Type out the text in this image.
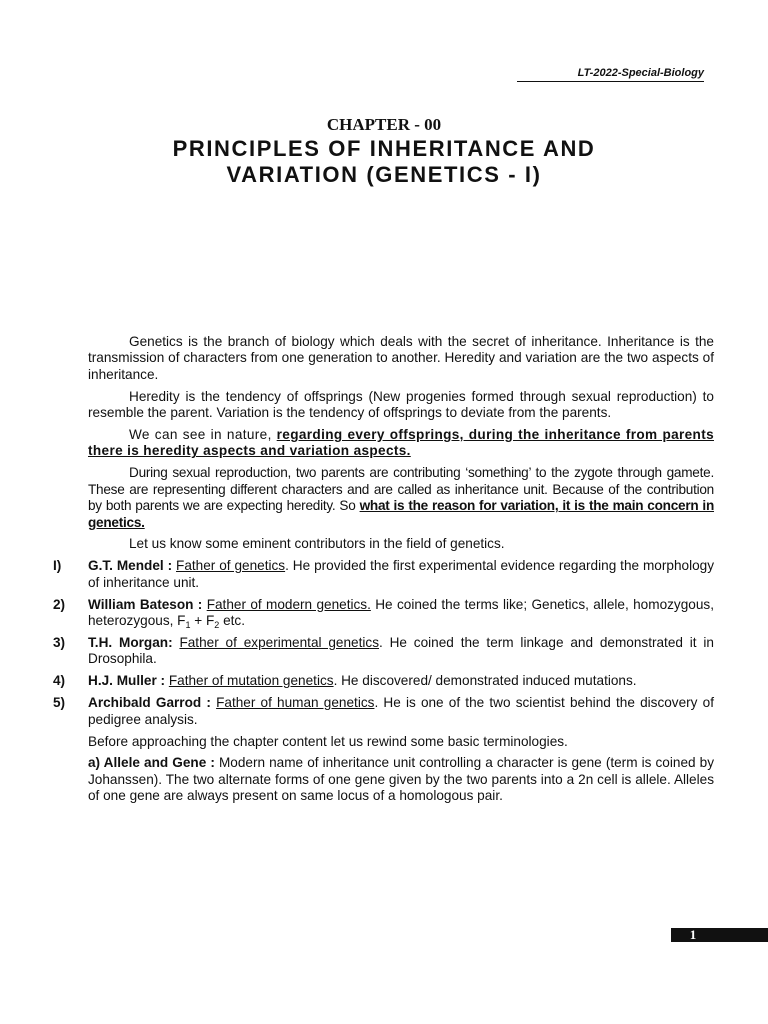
LT-2022-Special-Biology
CHAPTER - 00
PRINCIPLES OF INHERITANCE AND
VARIATION (GENETICS - I)

Genetics is the branch of biology which deals with the secret of inheritance. Inheritance is the transmission of characters from one generation to another. Heredity and variation are the two aspects of inheritance.

Heredity is the tendency of offsprings (New progenies formed through sexual reproduction) to resemble the parent. Variation is the tendency of offsprings to deviate from the parents.

We can see in nature, regarding every offsprings, during the inheritance from parents there is heredity aspects and variation aspects.

During sexual reproduction, two parents are contributing ‘something’ to the zygote through gamete. These are representing different characters and are called as inheritance unit. Because of the contribution by both parents we are expecting heredity. So what is the reason for variation, it is the main concern in genetics.

Let us know some eminent contributors in the field of genetics.

I) G.T. Mendel : Father of genetics. He provided the first experimental evidence regarding the morphology of inheritance unit.
2) William Bateson : Father of modern genetics. He coined the terms like; Genetics, allele, homozygous, heterozygous, $F_1 + F_2$ etc.
3) T.H. Morgan: Father of experimental genetics. He coined the term linkage and demonstrated it in Drosophila.
4) H.J. Muller : Father of mutation genetics. He discovered/ demonstrated induced mutations.
5) Archibald Garrod : Father of human genetics. He is one of the two scientist behind the discovery of pedigree analysis.

Before approaching the chapter content let us rewind some basic terminologies.

a) Allele and Gene : Modern name of inheritance unit controlling a character is gene (term is coined by Johanssen). The two alternate forms of one gene given by the two parents into a 2n cell is allele. Alleles of one gene are always present on same locus of a homologous pair.

1
